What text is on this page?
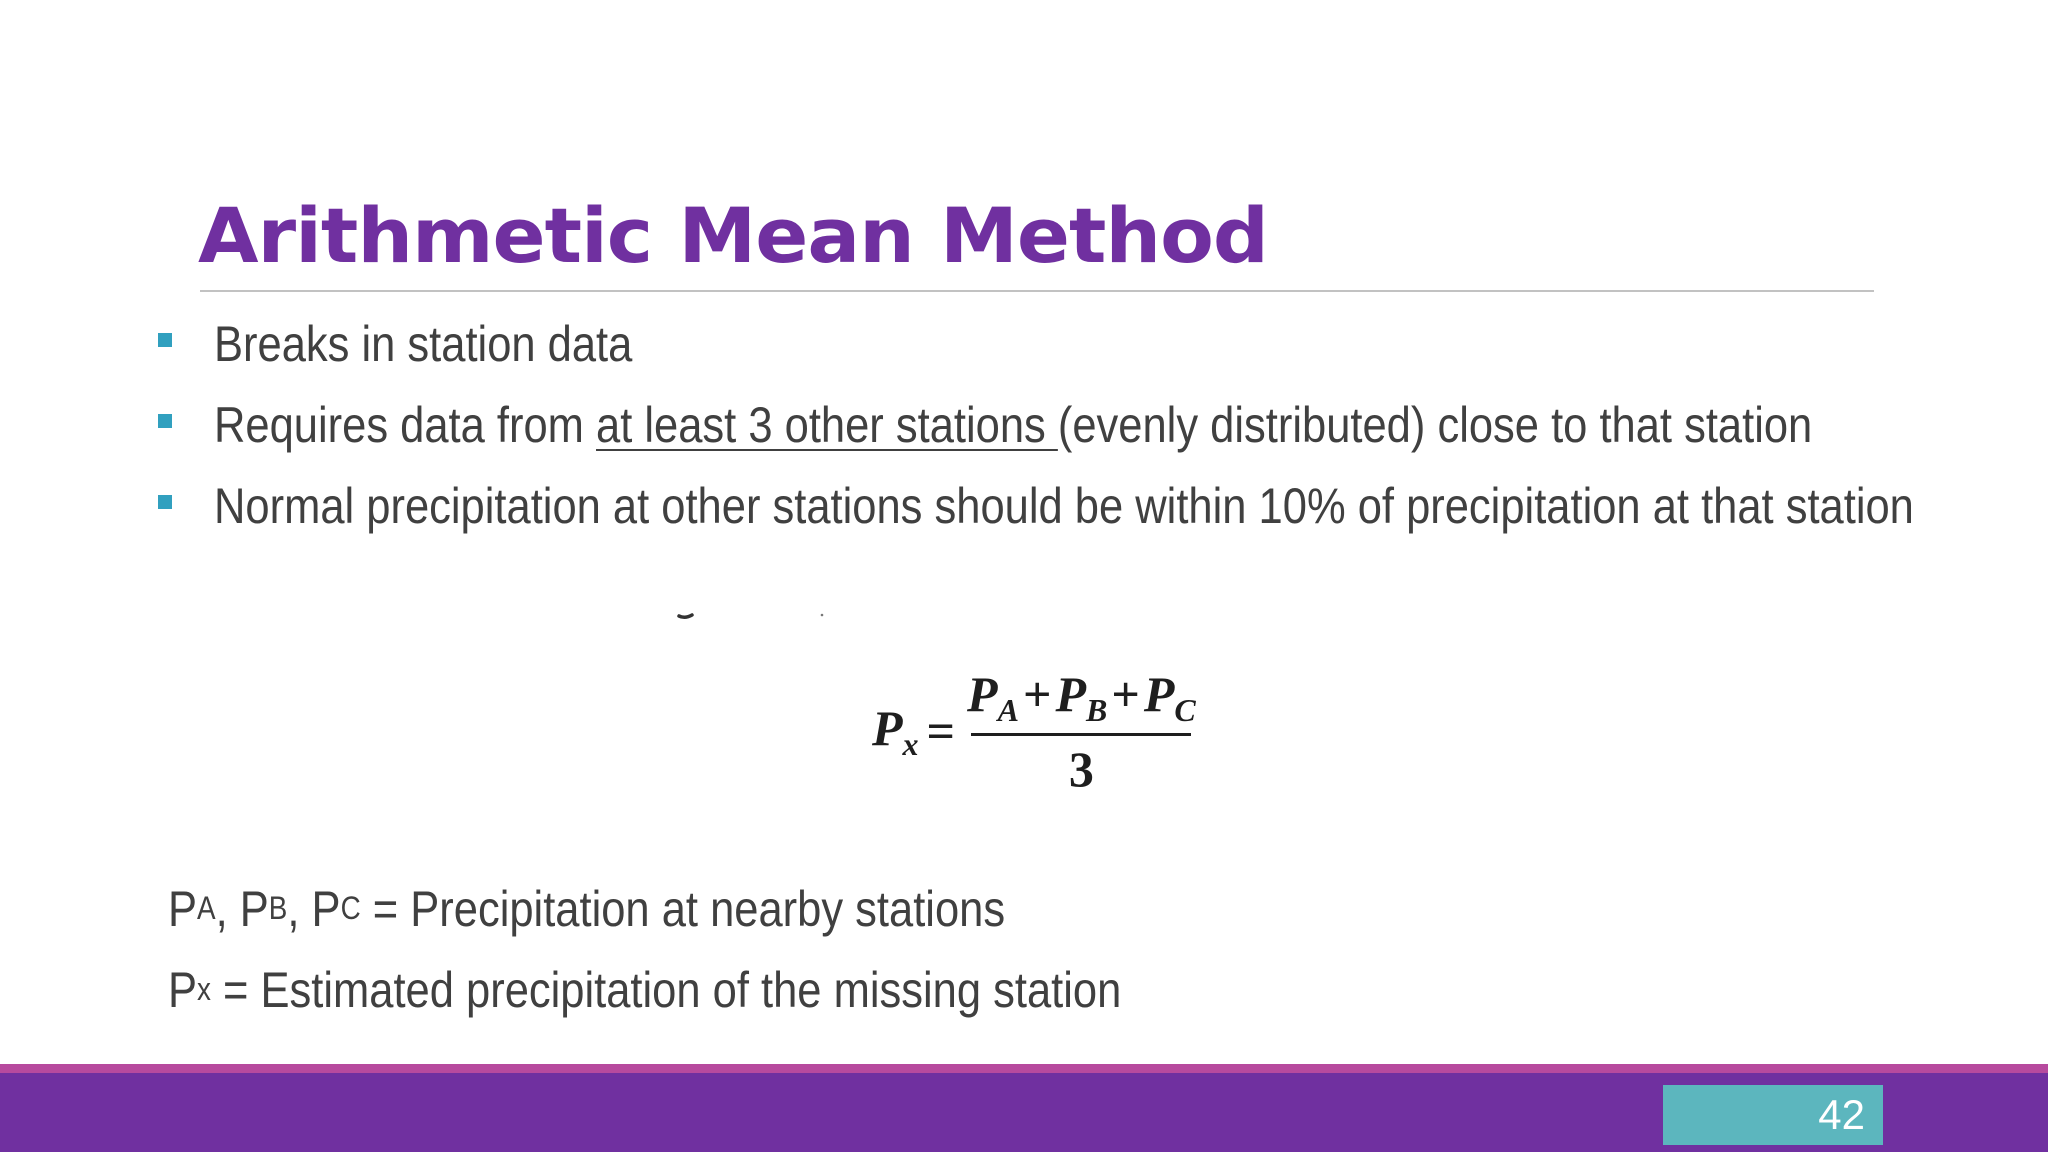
Arithmetic Mean Method
Breaks in station data
Requires data from at least 3 other stations (evenly distributed) close to that station
Normal precipitation at other stations should be within 10% of precipitation at that station
$P_x = \frac{P_A+P_B+P_C}{3}$
P A , P B , P C = Precipitation at nearby stations
P x = Estimated precipitation of the missing station
42
